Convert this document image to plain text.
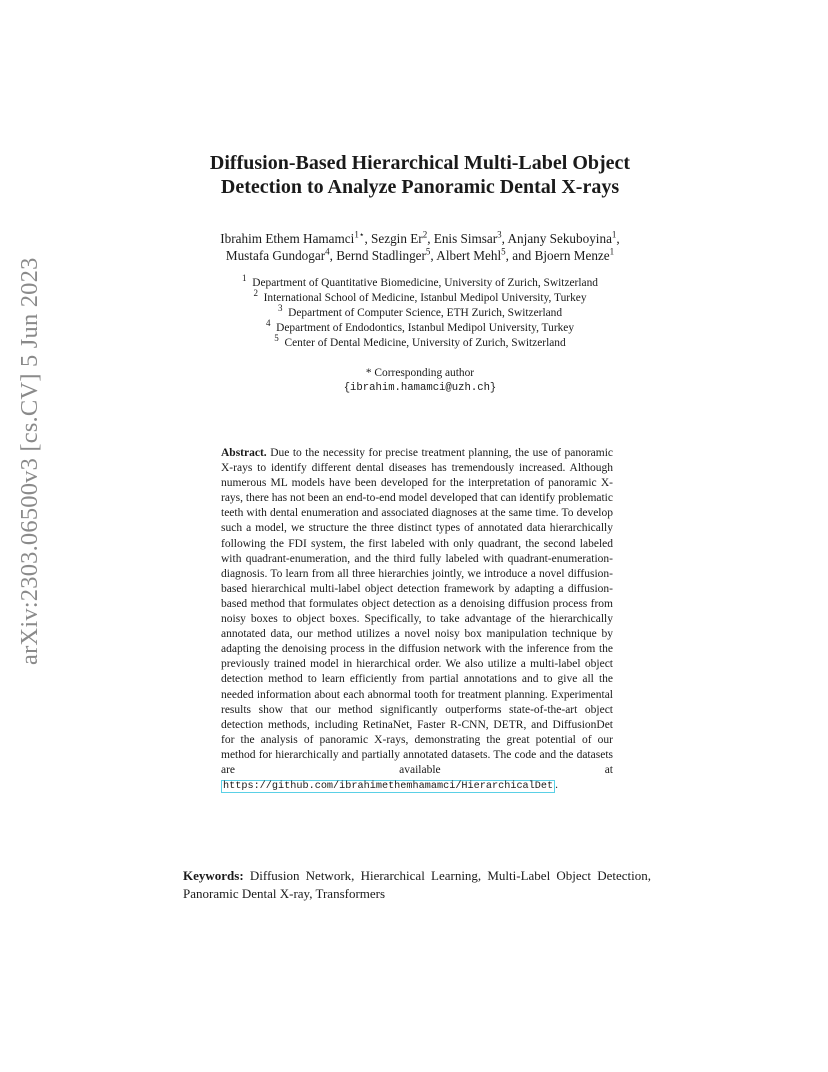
arXiv:2303.06500v3 [cs.CV] 5 Jun 2023
Diffusion-Based Hierarchical Multi-Label Object
Detection to Analyze Panoramic Dental X-rays
Ibrahim Ethem Hamamci$^{1⋆}$, Sezgin Er$^2$, Enis Simsar$^3$, Anjany Sekuboyina$^1$,
Mustafa Gundogar$^4$, Bernd Stadlinger$^5$, Albert Mehl$^5$, and Bjoern Menze$^1$
$^1$ Department of Quantitative Biomedicine, University of Zurich, Switzerland
$^2$ International School of Medicine, Istanbul Medipol University, Turkey
$^3$ Department of Computer Science, ETH Zurich, Switzerland
$^4$ Department of Endodontics, Istanbul Medipol University, Turkey
$^5$ Center of Dental Medicine, University of Zurich, Switzerland
* Corresponding author
{ibrahim.hamamci@uzh.ch}
Abstract. Due to the necessity for precise treatment planning, the use of panoramic X-rays to identify different dental diseases has tremendously increased. Although numerous ML models have been developed for the interpretation of panoramic X-rays, there has not been an end-to-end model developed that can identify problematic teeth with dental enumeration and associated diagnoses at the same time. To develop such a model, we structure the three distinct types of annotated data hierarchically following the FDI system, the first labeled with only quadrant, the second labeled with quadrant-enumeration, and the third fully labeled with quadrant-enumeration-diagnosis. To learn from all three hierarchies jointly, we introduce a novel diffusion-based hierarchical multi-label object detection framework by adapting a diffusion-based method that formulates object detection as a denoising diffusion process from noisy boxes to object boxes. Specifically, to take advantage of the hierarchically annotated data, our method utilizes a novel noisy box manipulation technique by adapting the denoising process in the diffusion network with the inference from the previously trained model in hierarchical order. We also utilize a multi-label object detection method to learn efficiently from partial annotations and to give all the needed information about each abnormal tooth for treatment planning. Experimental results show that our method significantly outperforms state-of-the-art object detection methods, including RetinaNet, Faster R-CNN, DETR, and DiffusionDet for the analysis of panoramic X-rays, demonstrating the great potential of our method for hierarchically and partially annotated datasets. The code and the datasets are available at https://github.com/ibrahimethemhamamci/HierarchicalDet .
Keywords: Diffusion Network, Hierarchical Learning, Multi-Label Object Detection, Panoramic Dental X-ray, Transformers
